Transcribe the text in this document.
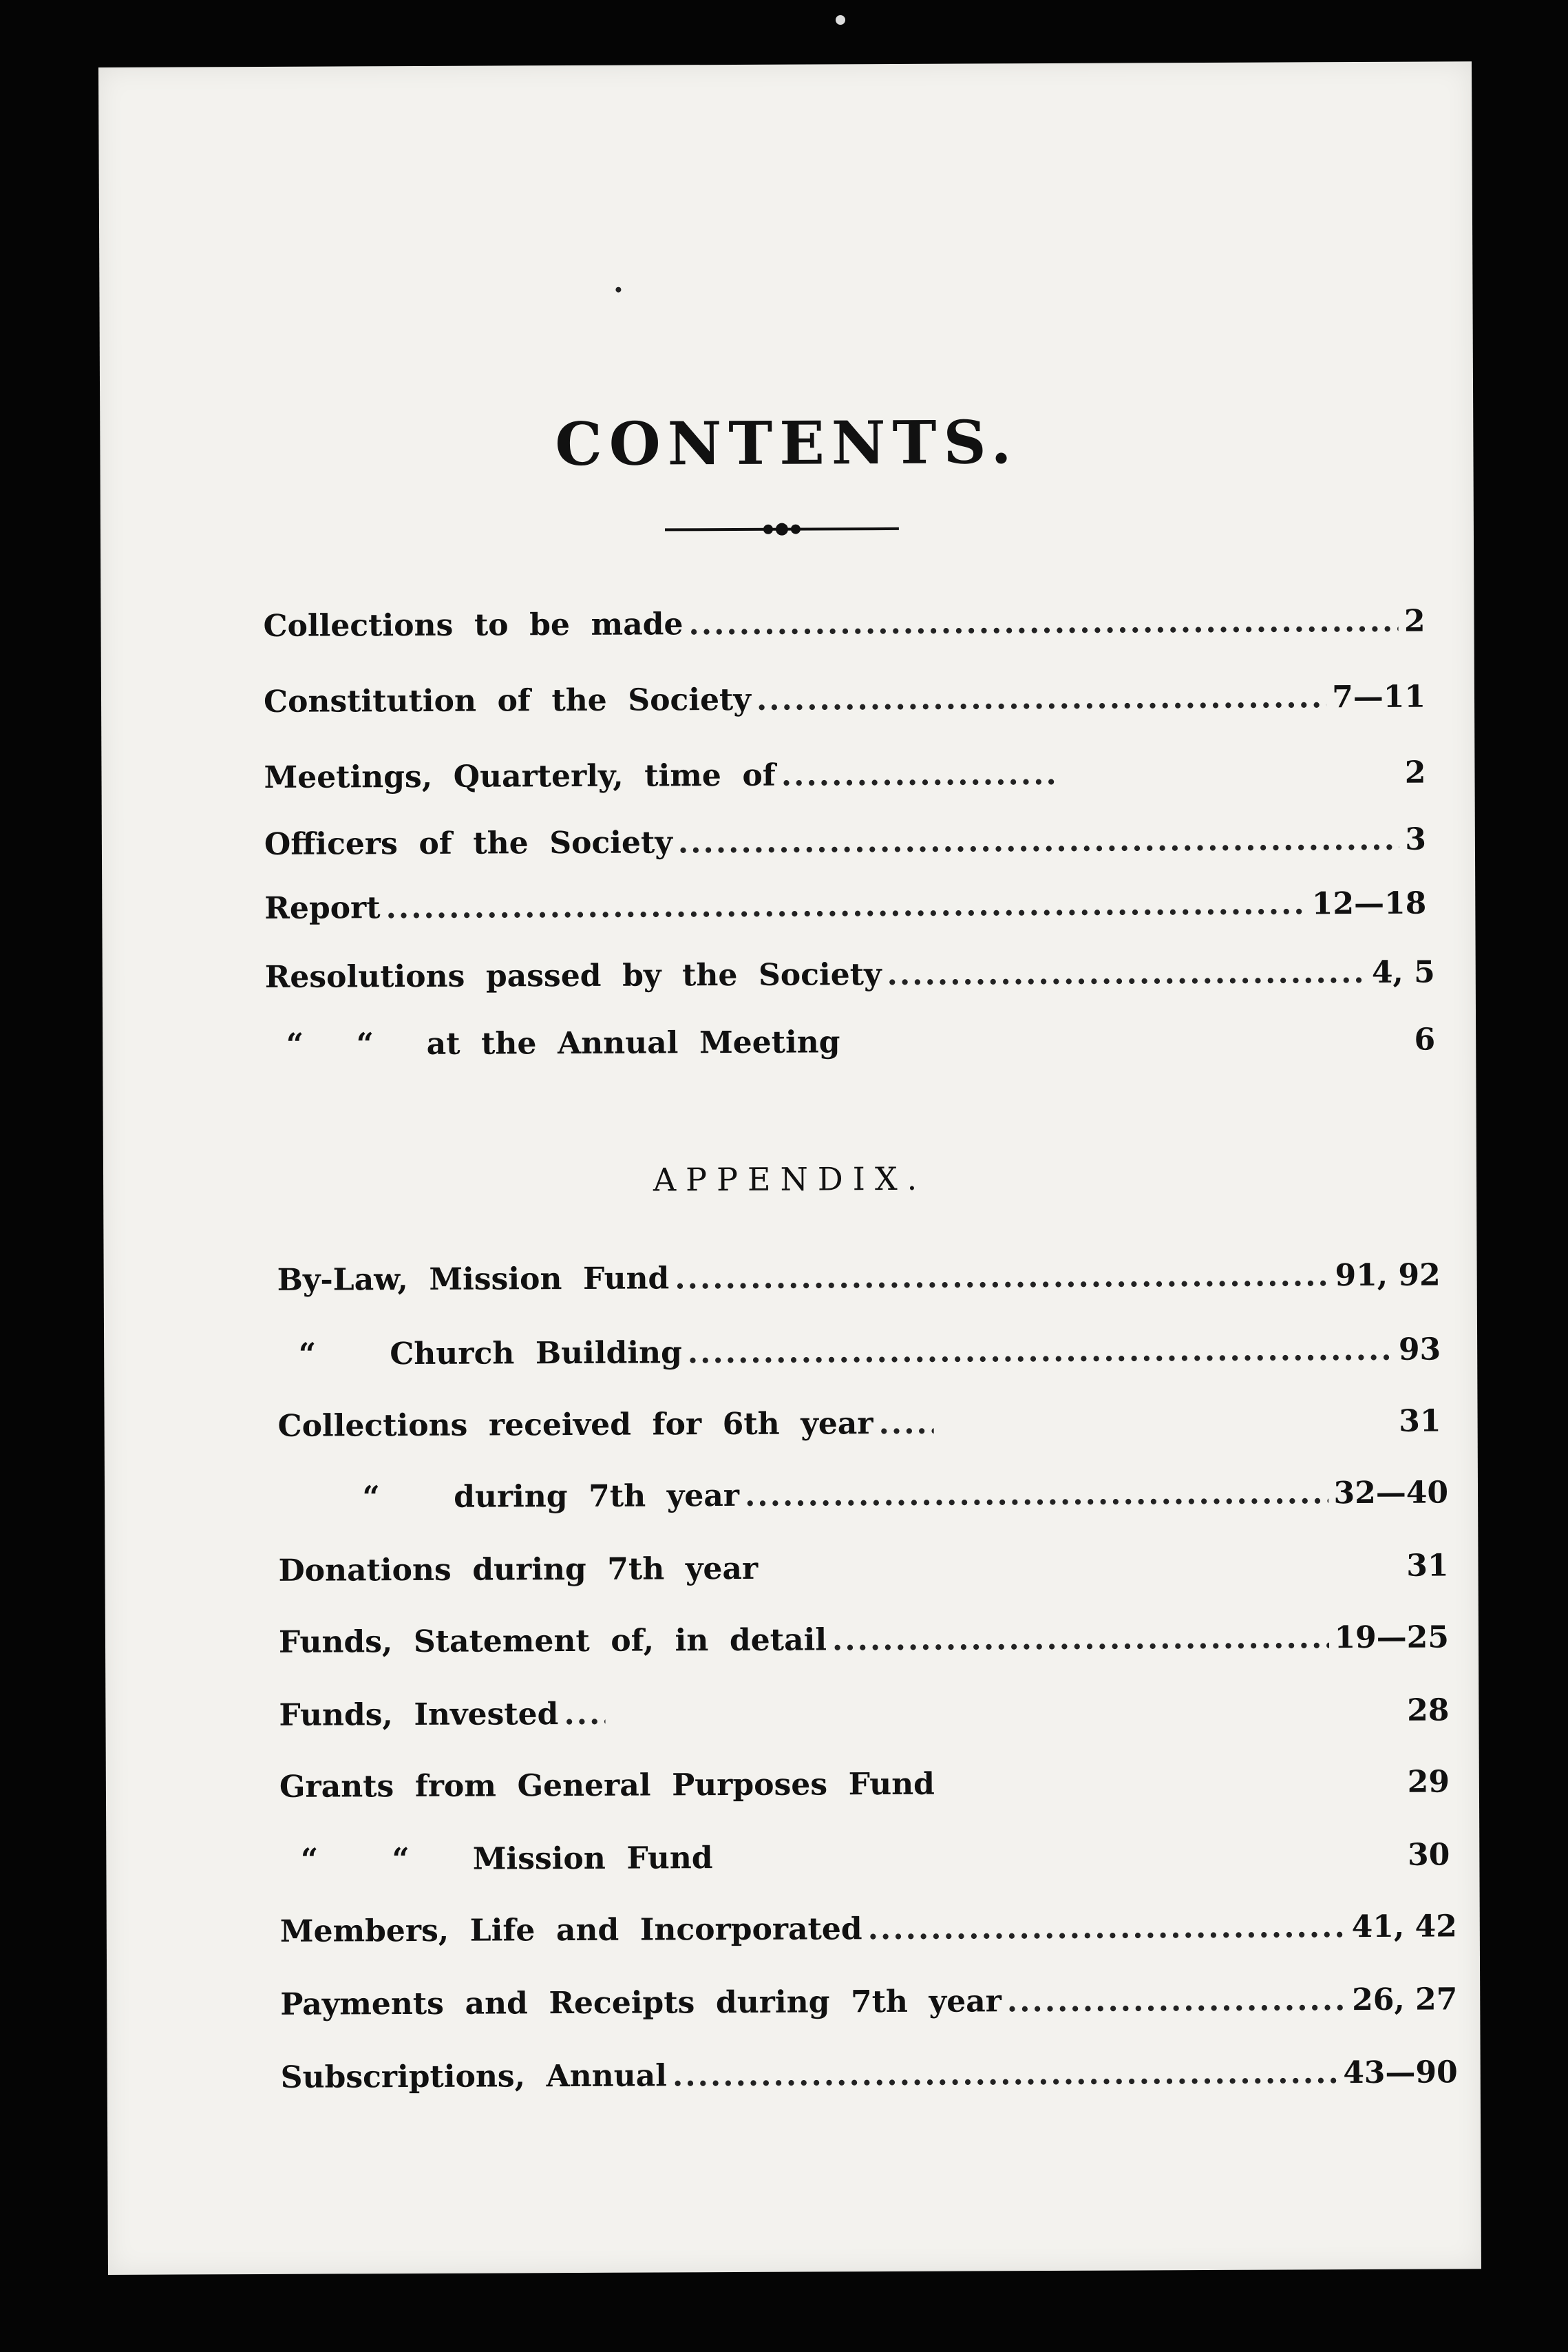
CONTENTS.
Collections  to  be  made .....	2
Constitution  of  the  Society .....	7—11
Meetings,  Quarterly,  time  of .....	2
Officers  of  the  Society .....	3
Report .....	12—18
Resolutions  passed  by  the  Society .....	4, 5
“     “     at  the  Annual  Meeting	6
APPENDIX.
By-Law,  Mission  Fund .....	91, 92
“       Church  Building .....	93
Collections  received  for  6th  year .....	31
“       during  7th  year .....	32—40
Donations  during  7th  year	31
Funds,  Statement  of,  in  detail .....	19—25
Funds,  Invested .....	28
Grants  from  General  Purposes  Fund	29
“       “      Mission  Fund	30
Members,  Life  and  Incorporated .....	41, 42
Payments  and  Receipts  during  7th  year .....	26, 27
Subscriptions,  Annual .....	43—90
